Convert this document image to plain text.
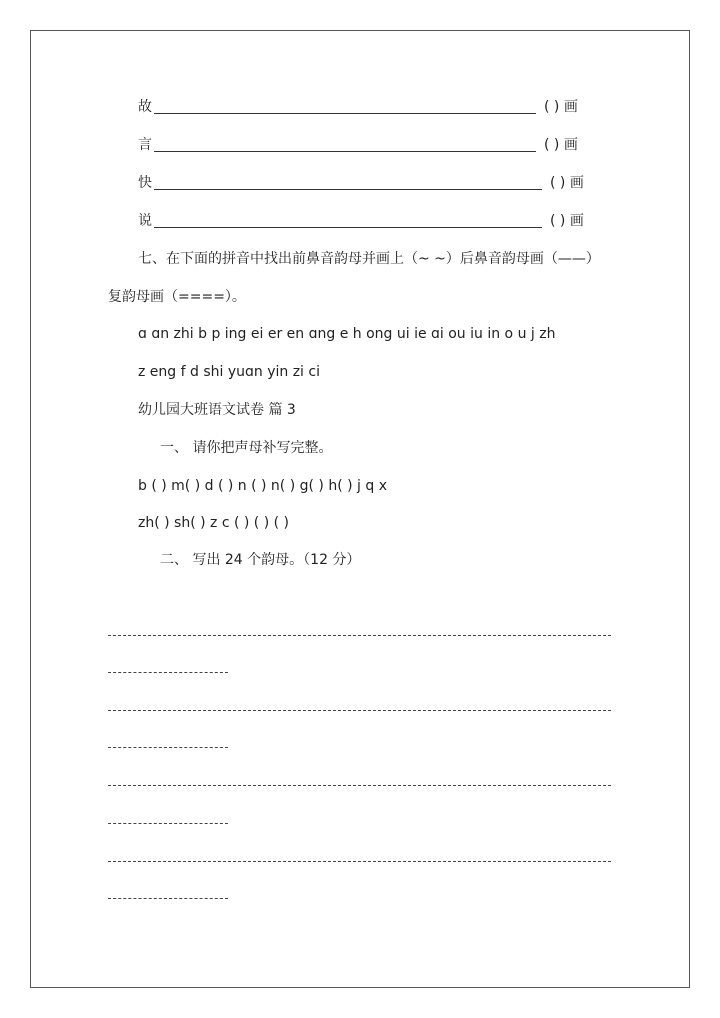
故	( ) 画
言	( ) 画
快	( ) 画
说	( ) 画
七、在下面的拼音中找出前鼻音韵母并画上（~ ~）后鼻音韵母画（——）
复韵母画（====）。
ɑ ɑn zhi b p ing ei er en ɑng e h ong ui ie ɑi ou iu in o u j zh
z eng f d shi yuɑn yin zi ci
幼儿园大班语文试卷 篇 3
一、 请你把声母补写完整。
b ( ) m( ) d ( ) n ( ) n( ) g( ) h( ) j q x
zh( ) sh( ) z c ( ) ( ) ( )
二、 写出 24 个韵母。（12 分）
